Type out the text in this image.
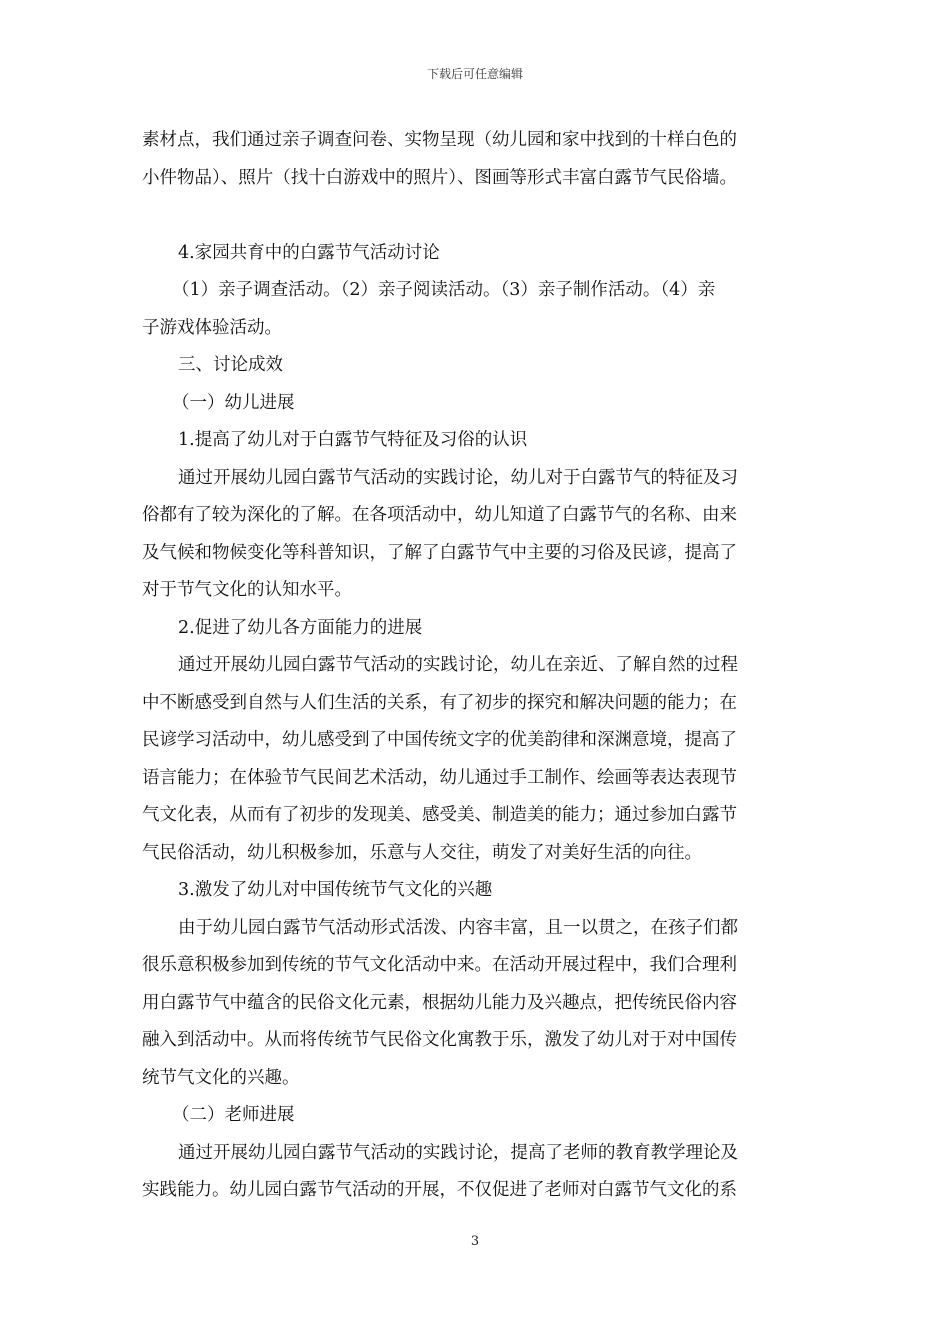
下载后可任意编辑
素材点，我们通过亲子调查问卷、实物呈现（幼儿园和家中找到的十样白色的
小件物品）、照片（找十白游戏中的照片）、图画等形式丰富白露节气民俗墙。
4.家园共育中的白露节气活动讨论
（1）亲子调查活动。（2）亲子阅读活动。（3）亲子制作活动。（4）亲
子游戏体验活动。
三、讨论成效
（一）幼儿进展
1.提高了幼儿对于白露节气特征及习俗的认识
通过开展幼儿园白露节气活动的实践讨论，幼儿对于白露节气的特征及习
俗都有了较为深化的了解。在各项活动中，幼儿知道了白露节气的名称、由来
及气候和物候变化等科普知识，了解了白露节气中主要的习俗及民谚，提高了
对于节气文化的认知水平。
2.促进了幼儿各方面能力的进展
通过开展幼儿园白露节气活动的实践讨论，幼儿在亲近、了解自然的过程
中不断感受到自然与人们生活的关系，有了初步的探究和解决问题的能力；在
民谚学习活动中，幼儿感受到了中国传统文字的优美韵律和深渊意境，提高了
语言能力；在体验节气民间艺术活动，幼儿通过手工制作、绘画等表达表现节
气文化表，从而有了初步的发现美、感受美、制造美的能力；通过参加白露节
气民俗活动，幼儿积极参加，乐意与人交往，萌发了对美好生活的向往。
3.激发了幼儿对中国传统节气文化的兴趣
由于幼儿园白露节气活动形式活泼、内容丰富，且一以贯之，在孩子们都
很乐意积极参加到传统的节气文化活动中来。在活动开展过程中，我们合理利
用白露节气中蕴含的民俗文化元素，根据幼儿能力及兴趣点，把传统民俗内容
融入到活动中。从而将传统节气民俗文化寓教于乐，激发了幼儿对于对中国传
统节气文化的兴趣。
（二）老师进展
通过开展幼儿园白露节气活动的实践讨论，提高了老师的教育教学理论及
实践能力。幼儿园白露节气活动的开展，不仅促进了老师对白露节气文化的系
3
